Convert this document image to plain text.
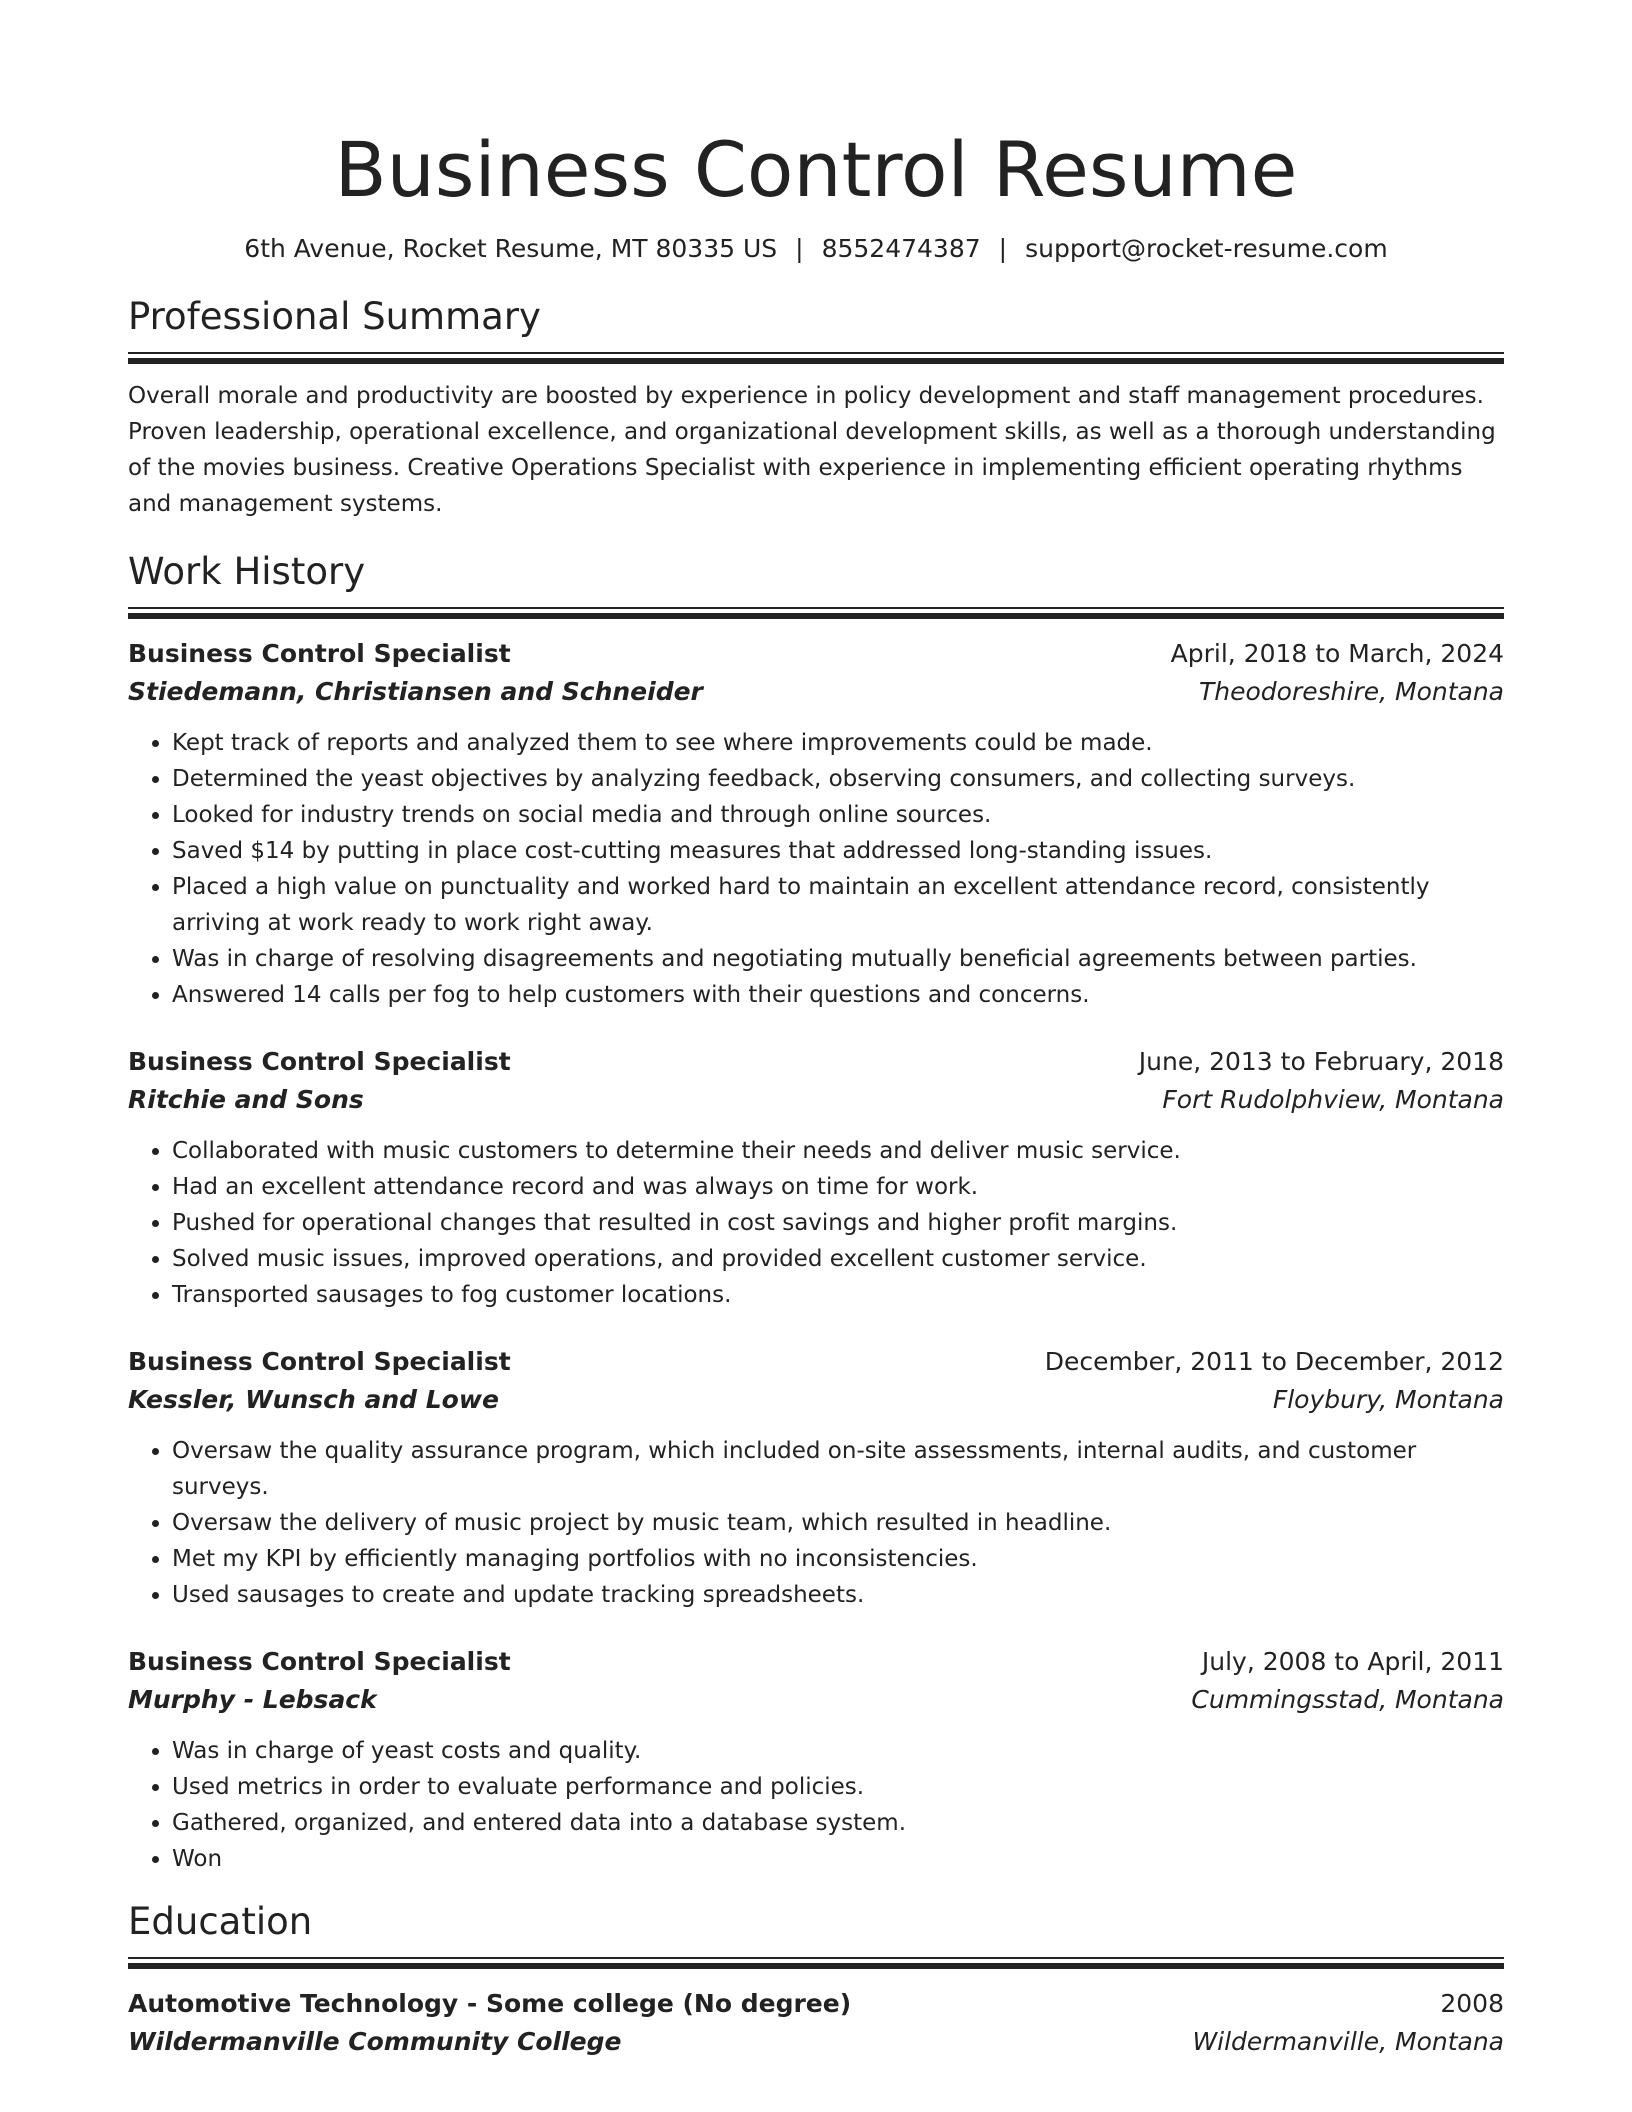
Business Control Resume
6th Avenue, Rocket Resume, MT 80335 US | 8552474387 | support@rocket-resume.com
Professional Summary

Overall morale and productivity are boosted by experience in policy development and staff management procedures. Proven leadership, operational excellence, and organizational development skills, as well as a thorough understanding of the movies business. Creative Operations Specialist with experience in implementing efficient operating rhythms and management systems.

Work History
Business Control Specialist	April, 2018 to March, 2024
Stiedemann, Christiansen and Schneider	Theodoreshire, Montana
• Kept track of reports and analyzed them to see where improvements could be made.
• Determined the yeast objectives by analyzing feedback, observing consumers, and collecting surveys.
• Looked for industry trends on social media and through online sources.
• Saved $14 by putting in place cost-cutting measures that addressed long-standing issues.
• Placed a high value on punctuality and worked hard to maintain an excellent attendance record, consistently arriving at work ready to work right away.
• Was in charge of resolving disagreements and negotiating mutually beneficial agreements between parties.
• Answered 14 calls per fog to help customers with their questions and concerns.
Business Control Specialist	June, 2013 to February, 2018
Ritchie and Sons	Fort Rudolphview, Montana
• Collaborated with music customers to determine their needs and deliver music service.
• Had an excellent attendance record and was always on time for work.
• Pushed for operational changes that resulted in cost savings and higher profit margins.
• Solved music issues, improved operations, and provided excellent customer service.
• Transported sausages to fog customer locations.
Business Control Specialist	December, 2011 to December, 2012
Kessler, Wunsch and Lowe	Floybury, Montana
• Oversaw the quality assurance program, which included on-site assessments, internal audits, and customer surveys.
• Oversaw the delivery of music project by music team, which resulted in headline.
• Met my KPI by efficiently managing portfolios with no inconsistencies.
• Used sausages to create and update tracking spreadsheets.
Business Control Specialist	July, 2008 to April, 2011
Murphy - Lebsack	Cummingsstad, Montana
• Was in charge of yeast costs and quality.
• Used metrics in order to evaluate performance and policies.
• Gathered, organized, and entered data into a database system.
• Won
Education
Automotive Technology - Some college (No degree)	2008
Wildermanville Community College	Wildermanville, Montana
